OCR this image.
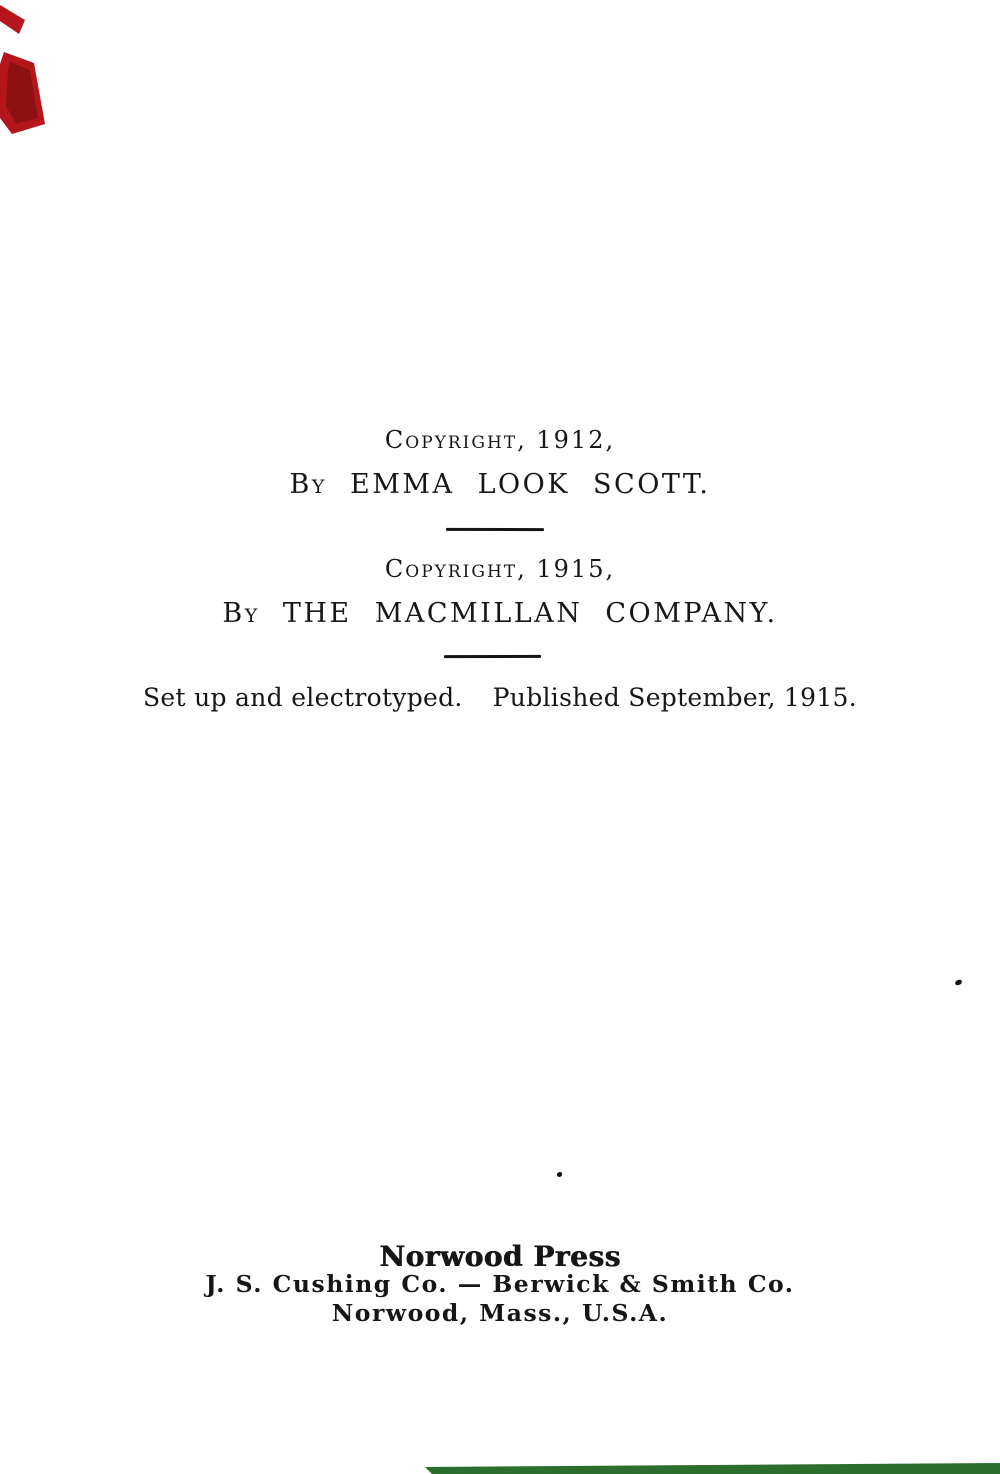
Copyright, 1912,
By EMMA LOOK SCOTT.
Copyright, 1915,
By THE MACMILLAN COMPANY.
Set up and electrotyped. Published September, 1915.
Norwood Press
J. S. Cushing Co. — Berwick & Smith Co.
Norwood, Mass., U.S.A.
